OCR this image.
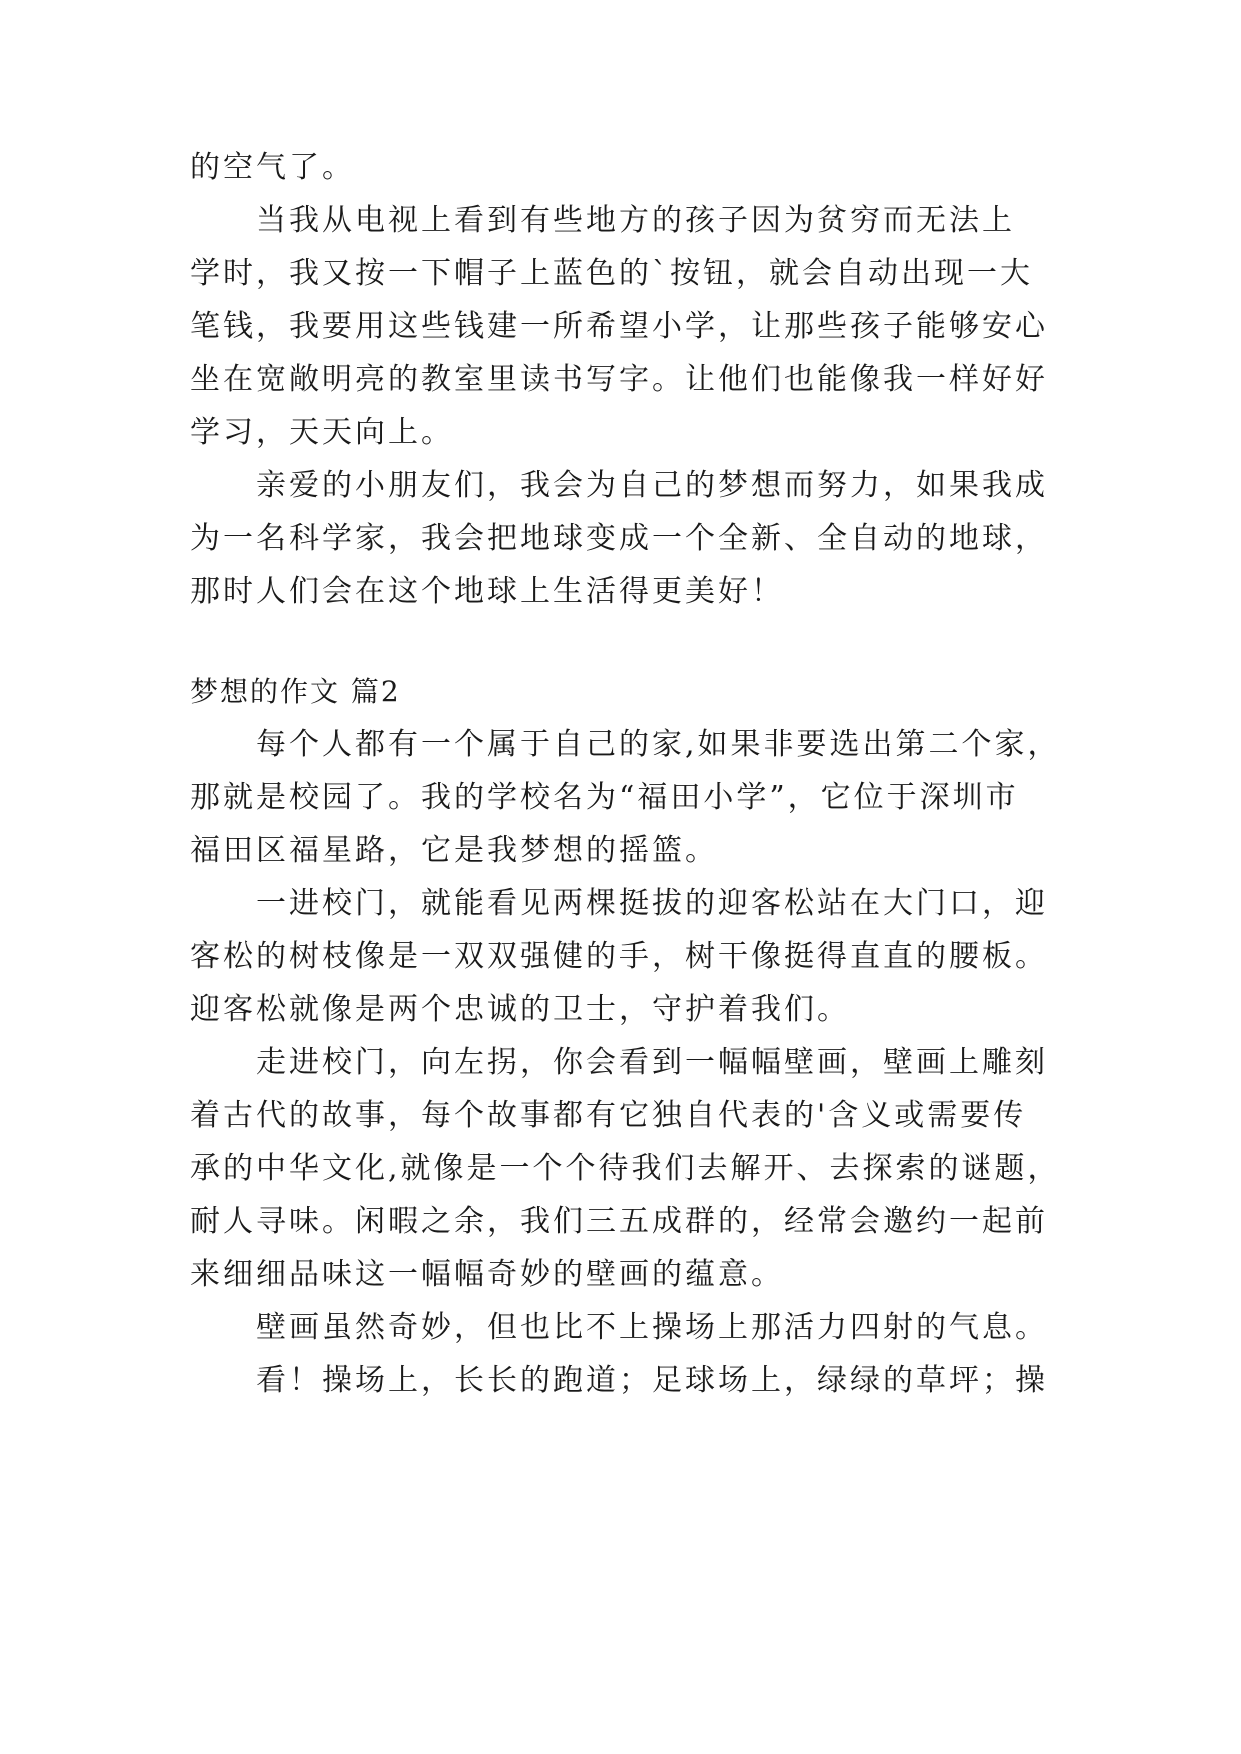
的空气了。
当我从电视上看到有些地方的孩子因为贫穷而无法上
学时，我又按一下帽子上蓝色的`按钮，就会自动出现一大
笔钱，我要用这些钱建一所希望小学，让那些孩子能够安心
坐在宽敞明亮的教室里读书写字。让他们也能像我一样好好
学习，天天向上。
亲爱的小朋友们，我会为自己的梦想而努力，如果我成
为一名科学家，我会把地球变成一个全新、全自动的地球，
那时人们会在这个地球上生活得更美好！
梦想的作文 篇2
每个人都有一个属于自己的家,如果非要选出第二个家，
那就是校园了。我的学校名为“福田小学”，它位于深圳市
福田区福星路，它是我梦想的摇篮。
一进校门，就能看见两棵挺拔的迎客松站在大门口，迎
客松的树枝像是一双双强健的手，树干像挺得直直的腰板。
迎客松就像是两个忠诚的卫士，守护着我们。
走进校门，向左拐，你会看到一幅幅壁画，壁画上雕刻
着古代的故事，每个故事都有它独自代表的'含义或需要传
承的中华文化,就像是一个个待我们去解开、去探索的谜题，
耐人寻味。闲暇之余，我们三五成群的，经常会邀约一起前
来细细品味这一幅幅奇妙的壁画的蕴意。
壁画虽然奇妙，但也比不上操场上那活力四射的气息。
看！操场上，长长的跑道；足球场上，绿绿的草坪；操
